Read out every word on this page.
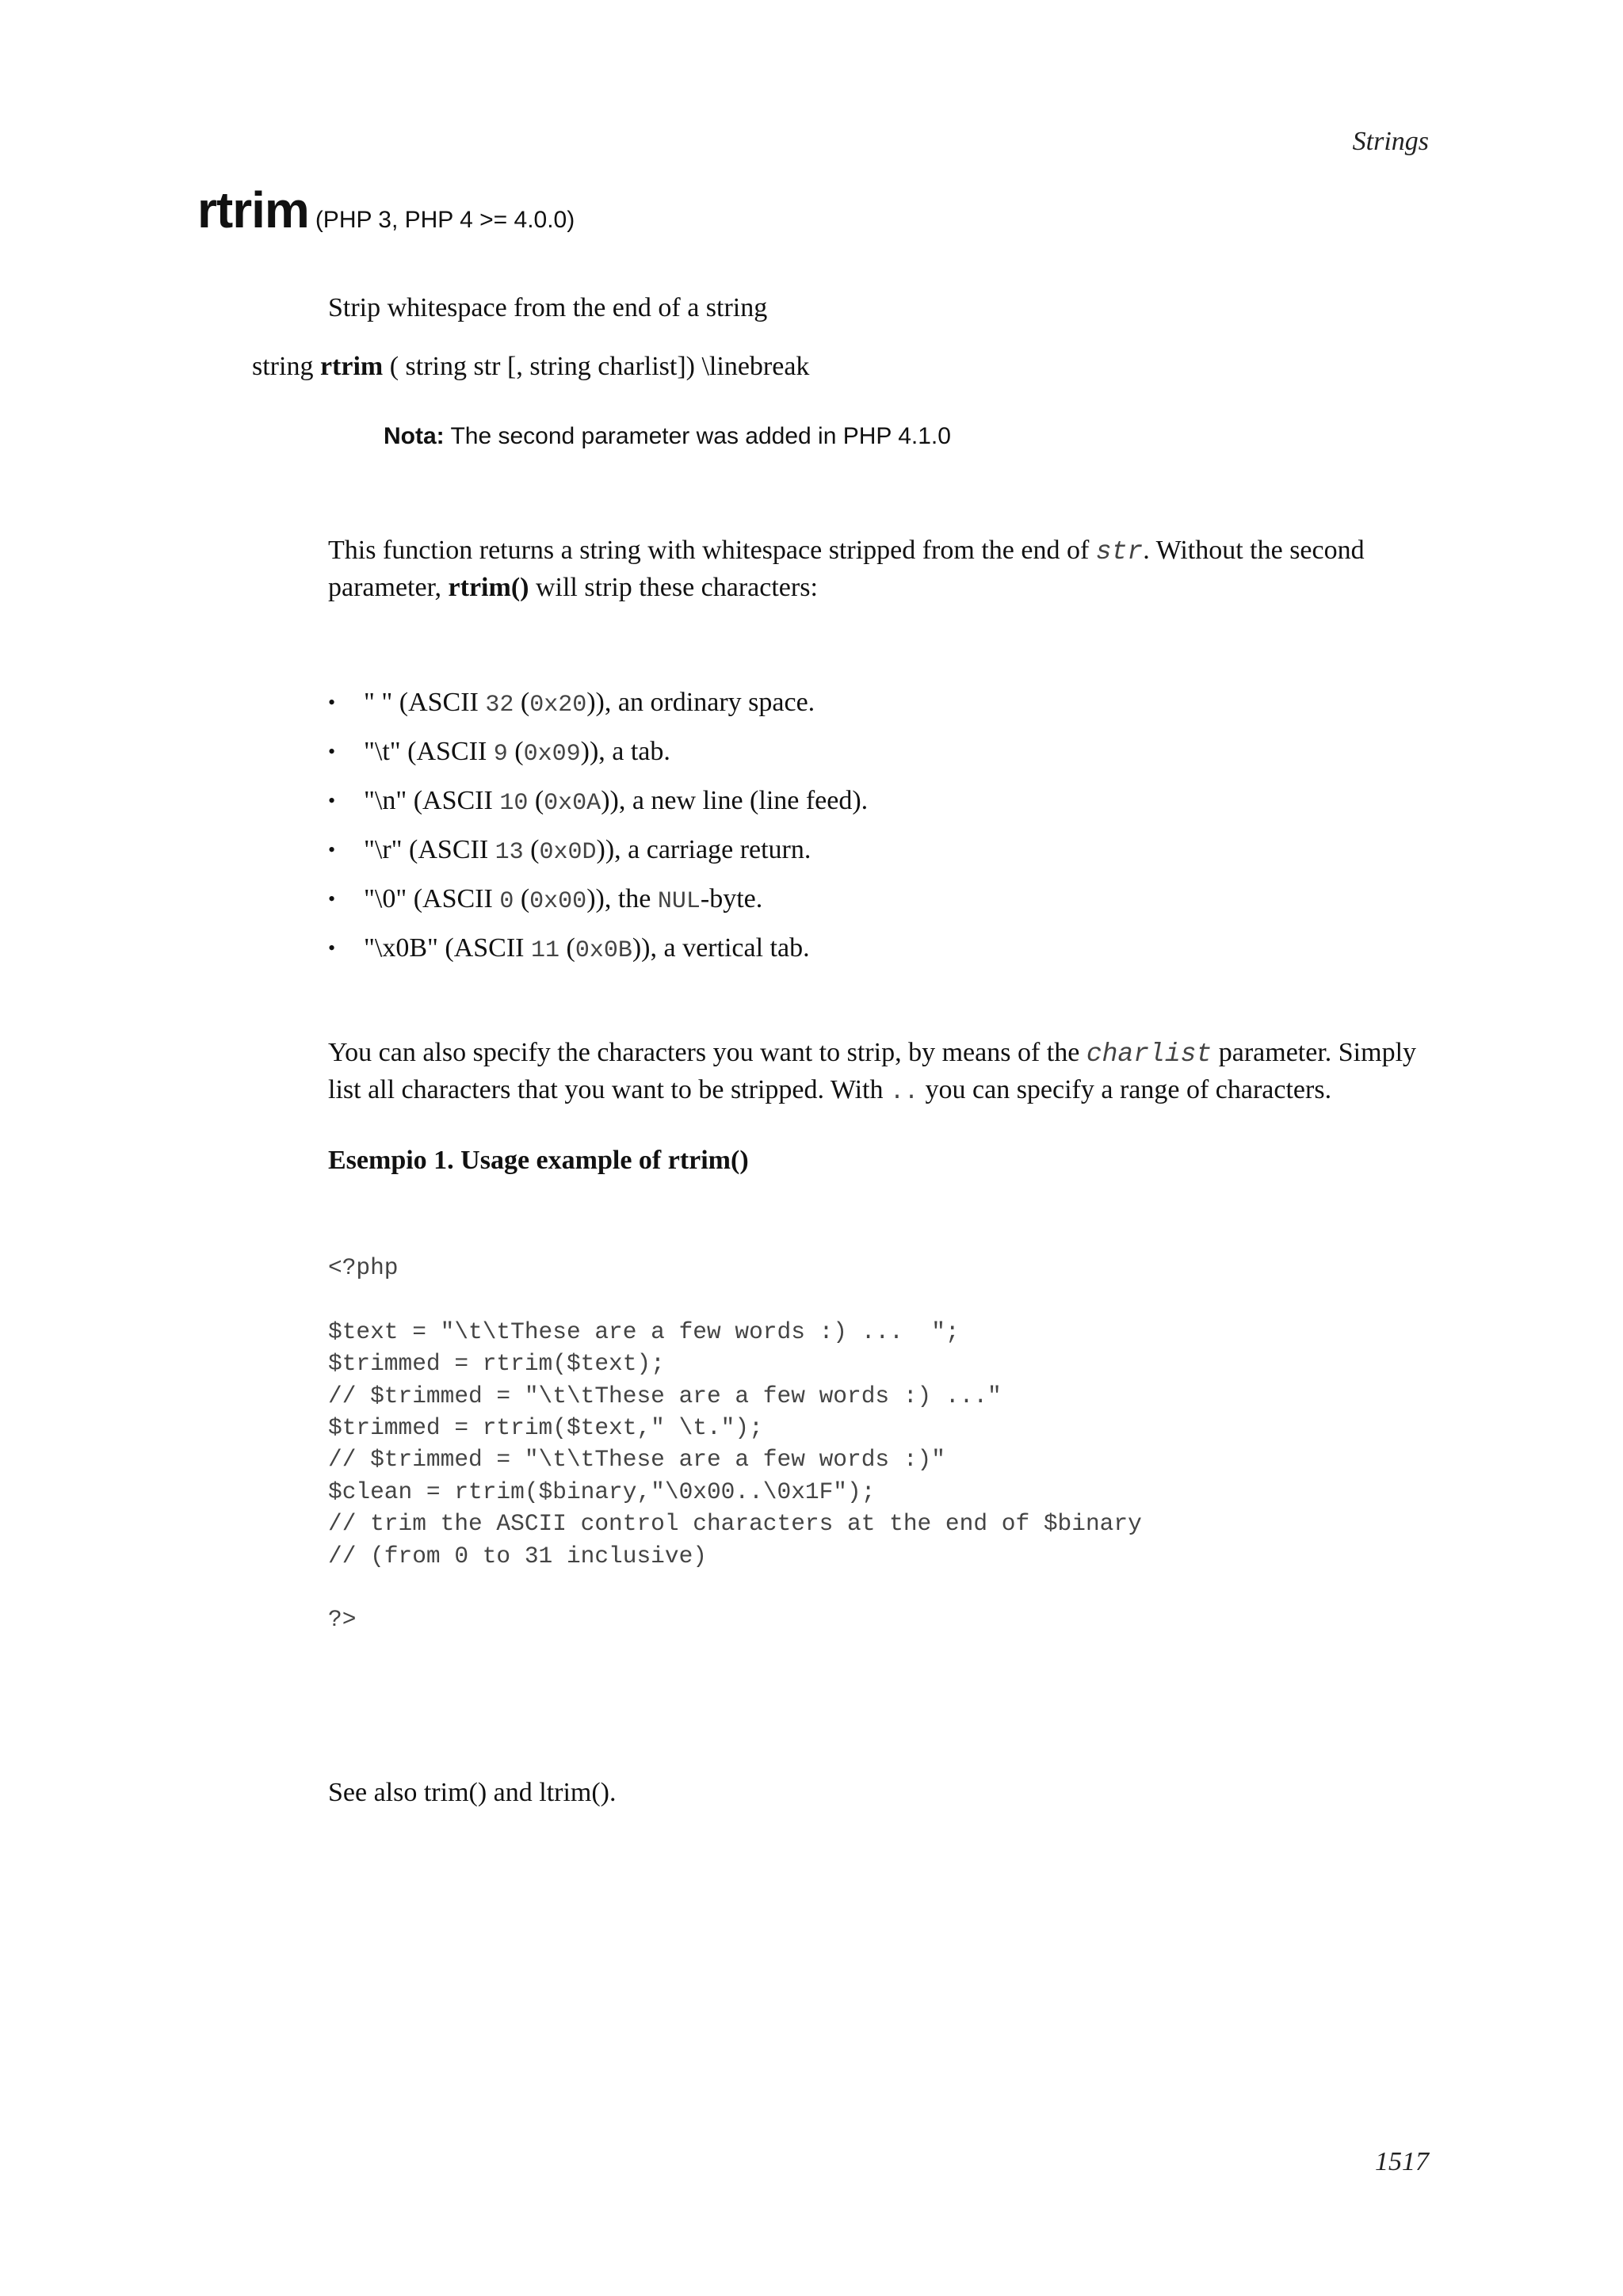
Strings
rtrim (PHP 3, PHP 4 >= 4.0.0)
Strip whitespace from the end of a string
string rtrim ( string str [, string charlist]) \linebreak
Nota: The second parameter was added in PHP 4.1.0
This function returns a string with whitespace stripped from the end of str. Without the second parameter, rtrim() will strip these characters:
• " " (ASCII 32 (0x20)), an ordinary space.
• "\t" (ASCII 9 (0x09)), a tab.
• "\n" (ASCII 10 (0x0A)), a new line (line feed).
• "\r" (ASCII 13 (0x0D)), a carriage return.
• "\0" (ASCII 0 (0x00)), the NUL-byte.
• "\x0B" (ASCII 11 (0x0B)), a vertical tab.
You can also specify the characters you want to strip, by means of the charlist parameter. Simply list all characters that you want to be stripped. With .. you can specify a range of characters.
Esempio 1. Usage example of rtrim()
<?php

$text = "\t\tThese are a few words :) ...  ";
$trimmed = rtrim($text);
// $trimmed = "\t\tThese are a few words :) ..."
$trimmed = rtrim($text," \t.");
// $trimmed = "\t\tThese are a few words :)"
$clean = rtrim($binary,"\0x00..\0x1F");
// trim the ASCII control characters at the end of $binary
// (from 0 to 31 inclusive)

?>
See also trim() and ltrim().
1517
